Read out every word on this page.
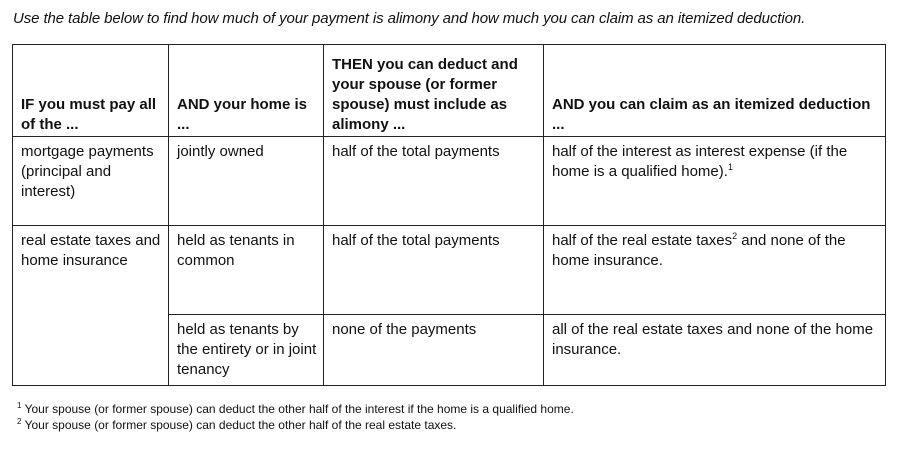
Use the table below to find how much of your payment is alimony and how much you can claim as an itemized deduction.

IF you must pay all of the ...	AND your home is ...	THEN you can deduct and your spouse (or former spouse) must include as alimony ...	AND you can claim as an itemized deduction ...
mortgage payments (principal and interest)	jointly owned	half of the total payments	half of the interest as interest expense (if the home is a qualified home).$^1$
real estate taxes and home insurance	held as tenants in common	half of the total payments	half of the real estate taxes$^2$ and none of the home insurance.
	held as tenants by the entirety or in joint tenancy	none of the payments	all of the real estate taxes and none of the home insurance.
$^1$ Your spouse (or former spouse) can deduct the other half of the interest if the home is a qualified home.
$^2$ Your spouse (or former spouse) can deduct the other half of the real estate taxes.
